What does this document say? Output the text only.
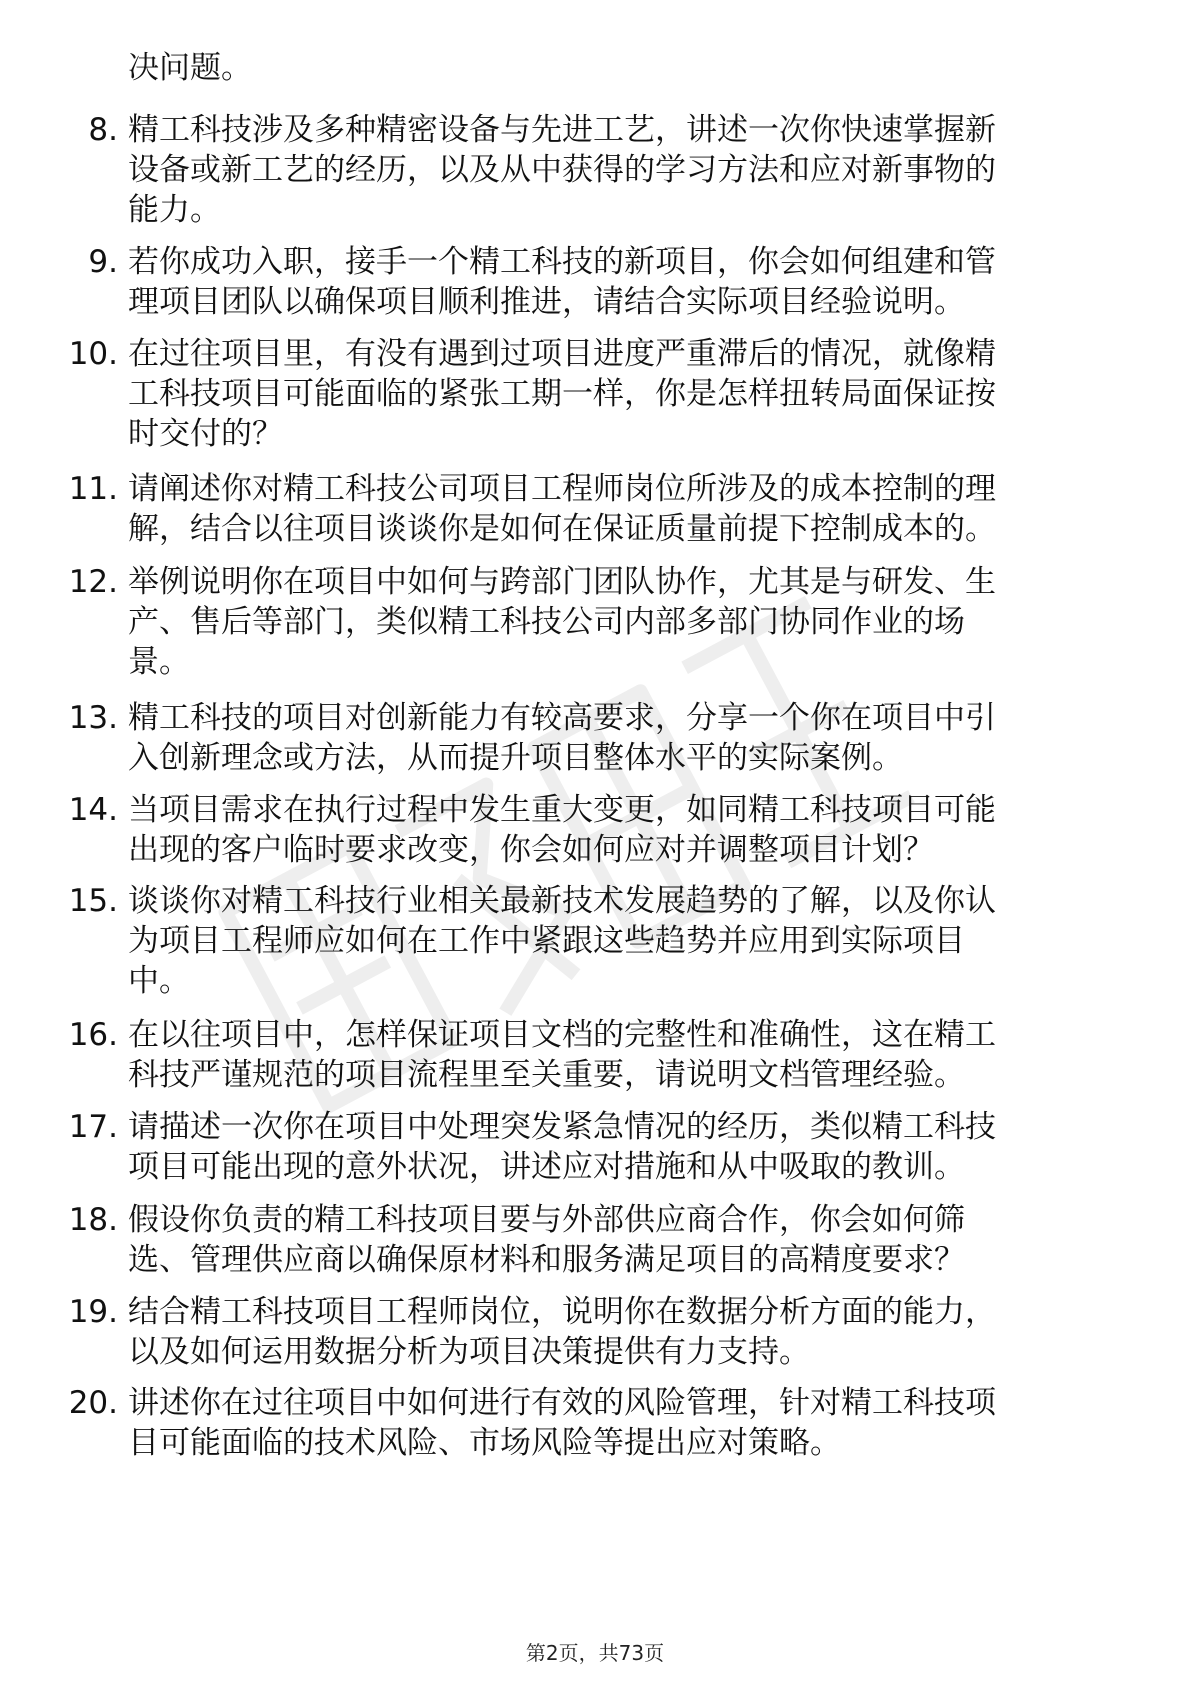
决问题。
8. 精工科技涉及多种精密设备与先进工艺，讲述一次你快速掌握新
设备或新工艺的经历，以及从中获得的学习方法和应对新事物的
能力。
9. 若你成功入职，接手一个精工科技的新项目，你会如何组建和管
理项目团队以确保项目顺利推进，请结合实际项目经验说明。
10. 在过往项目里，有没有遇到过项目进度严重滞后的情况，就像精
工科技项目可能面临的紧张工期一样，你是怎样扭转局面保证按
时交付的？
11. 请阐述你对精工科技公司项目工程师岗位所涉及的成本控制的理
解，结合以往项目谈谈你是如何在保证质量前提下控制成本的。
12. 举例说明你在项目中如何与跨部门团队协作，尤其是与研发、生
产、售后等部门，类似精工科技公司内部多部门协同作业的场
景。
13. 精工科技的项目对创新能力有较高要求，分享一个你在项目中引
入创新理念或方法，从而提升项目整体水平的实际案例。
14. 当项目需求在执行过程中发生重大变更，如同精工科技项目可能
出现的客户临时要求改变，你会如何应对并调整项目计划？
15. 谈谈你对精工科技行业相关最新技术发展趋势的了解，以及你认
为项目工程师应如何在工作中紧跟这些趋势并应用到实际项目
中。
16. 在以往项目中，怎样保证项目文档的完整性和准确性，这在精工
科技严谨规范的项目流程里至关重要，请说明文档管理经验。
17. 请描述一次你在项目中处理突发紧急情况的经历，类似精工科技
项目可能出现的意外状况，讲述应对措施和从中吸取的教训。
18. 假设你负责的精工科技项目要与外部供应商合作，你会如何筛
选、管理供应商以确保原材料和服务满足项目的高精度要求？
19. 结合精工科技项目工程师岗位，说明你在数据分析方面的能力，
以及如何运用数据分析为项目决策提供有力支持。
20. 讲述你在过往项目中如何进行有效的风险管理，针对精工科技项
目可能面临的技术风险、市场风险等提出应对策略。
第2页，共73页
